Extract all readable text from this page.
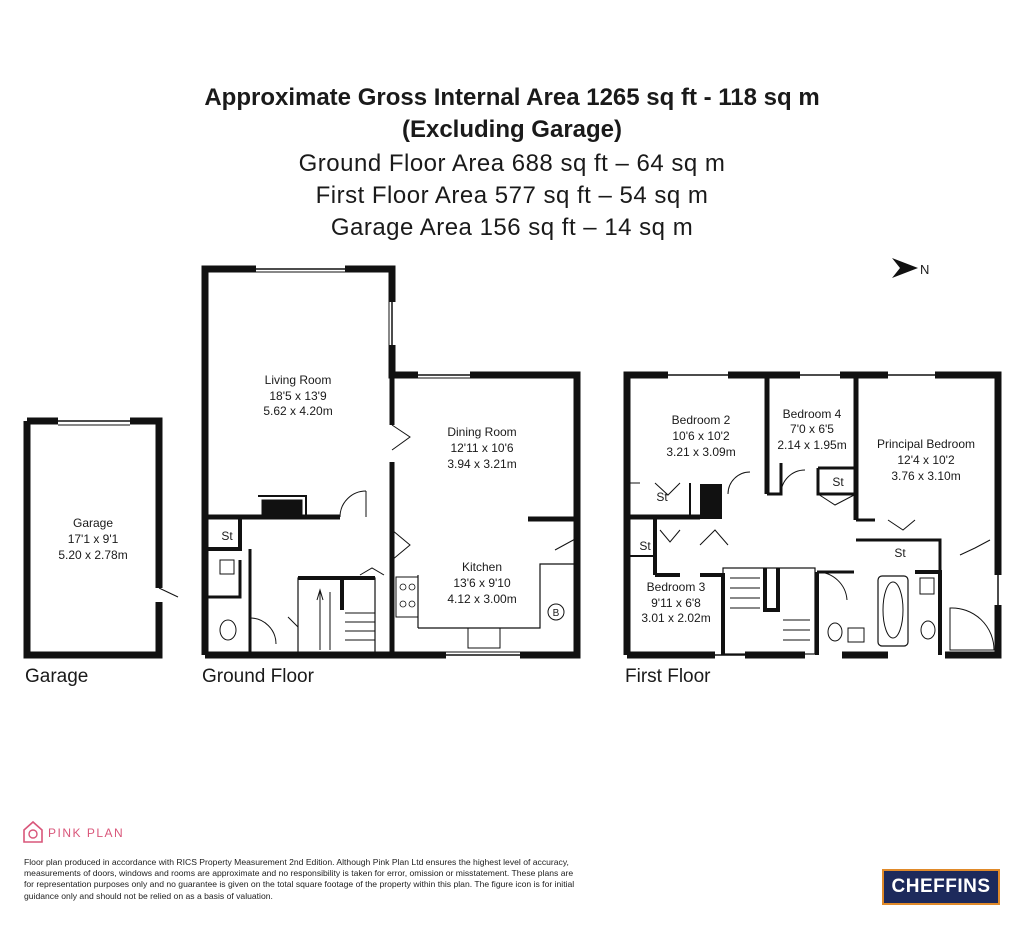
Approximate Gross Internal Area 1265 sq ft - 118 sq m
(Excluding Garage)
Ground Floor Area 688 sq ft – 64 sq m
First Floor Area 577 sq ft – 54 sq m
Garage Area 156 sq ft – 14 sq m
N
Garage
17'1 x 9'1
5.20 x 2.78m
Living Room
18'5 x 13'9
5.62 x 4.20m
Dining Room
12'11 x 10'6
3.94 x 3.21m
Kitchen
13'6 x 9'10
4.12 x 3.00m
Bedroom 2
10'6 x 10'2
3.21 x 3.09m
Bedroom 4
7'0 x 6'5
2.14 x 1.95m	Principal Bedroom
12'4 x 10'2
3.76 x 3.10m
Bedroom 3
9'11 x 6'8
3.01 x 2.02m
St
St
St
St
St
B
Garage	Ground Floor	First Floor
PINK PLAN
Floor plan produced in accordance with RICS Property Measurement 2nd Edition. Although Pink Plan Ltd ensures the highest level of accuracy, measurements of doors, windows and rooms are approximate and no responsibility is taken for error, omission or misstatement. These plans are for representation purposes only and no guarantee is given on the total square footage of the property within this plan. The figure icon is for initial guidance only and should not be relied on as a basis of valuation.	CHEFFINS
